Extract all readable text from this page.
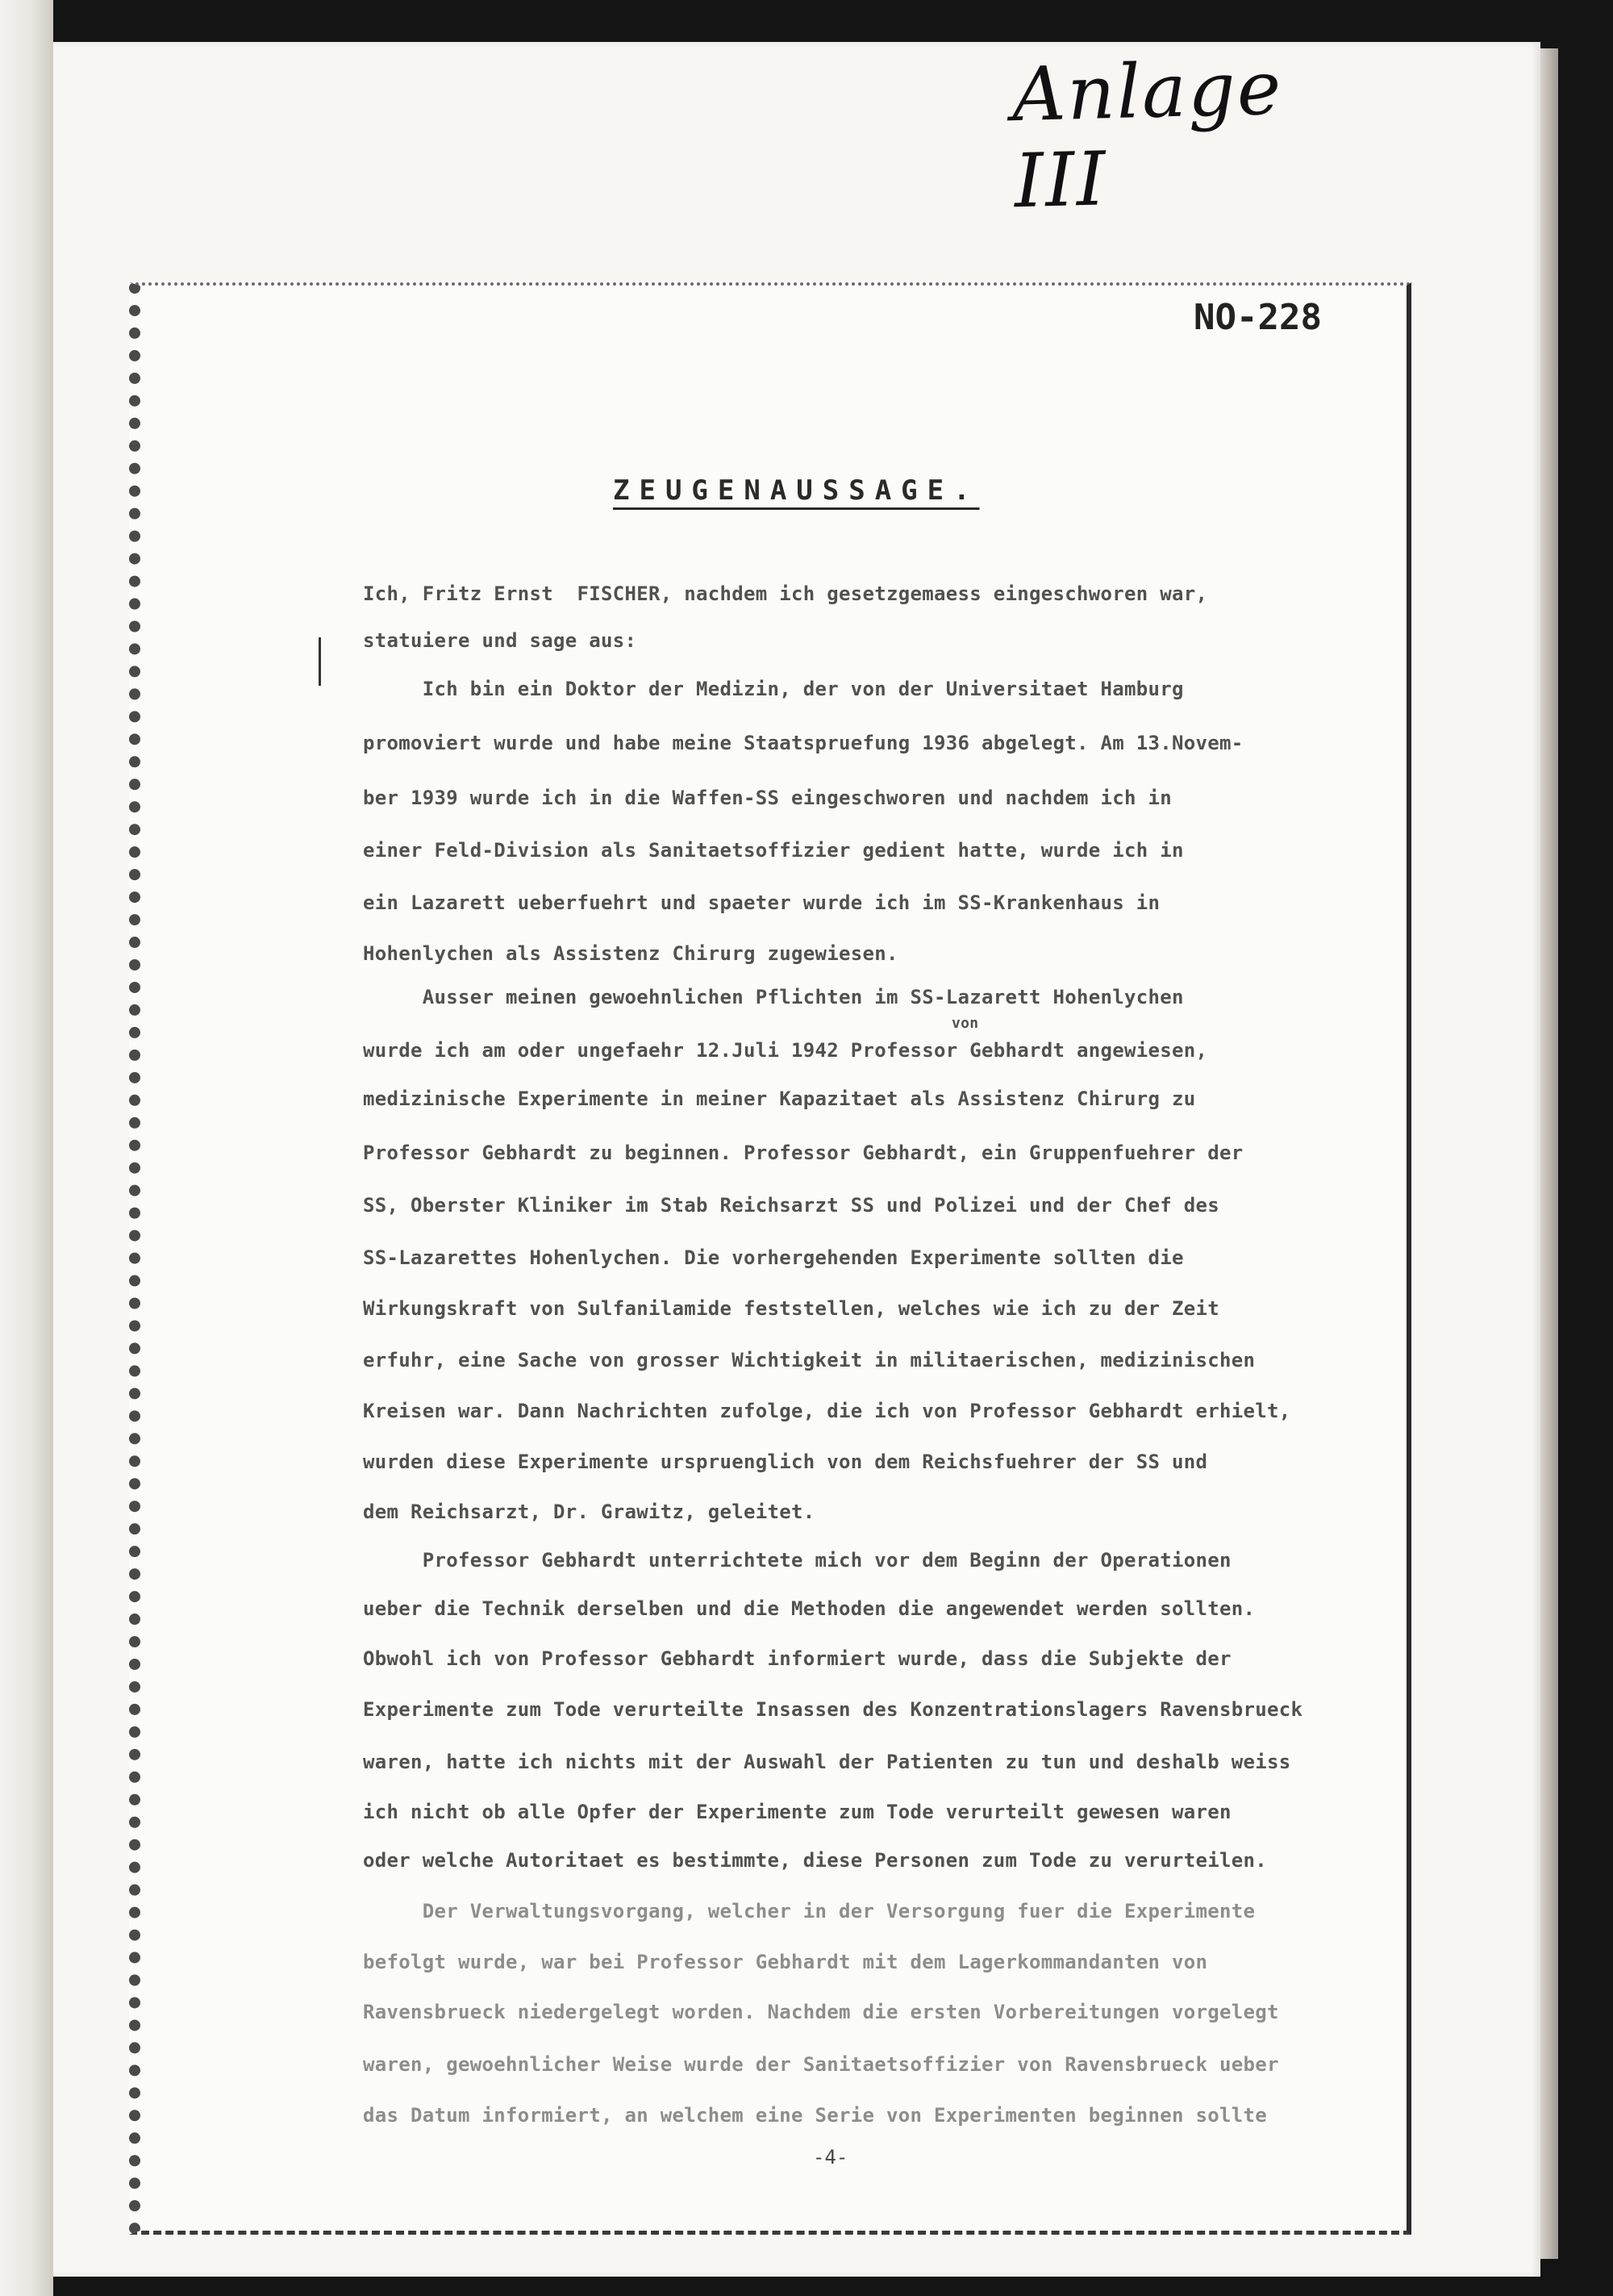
Anlage III
NO-228
ZEUGENAUSSAGE.
Ich, Fritz Ernst  FISCHER, nachdem ich gesetzgemaess eingeschworen war,
statuiere und sage aus:
Ich bin ein Doktor der Medizin, der von der Universitaet Hamburg
promoviert wurde und habe meine Staatspruefung 1936 abgelegt. Am 13.Novem-
ber 1939 wurde ich in die Waffen-SS eingeschworen und nachdem ich in
einer Feld-Division als Sanitaetsoffizier gedient hatte, wurde ich in
ein Lazarett ueberfuehrt und spaeter wurde ich im SS-Krankenhaus in
Hohenlychen als Assistenz Chirurg zugewiesen.
Ausser meinen gewoehnlichen Pflichten im SS-Lazarett Hohenlychen
von
wurde ich am oder ungefaehr 12.Juli 1942 Professor Gebhardt angewiesen,
medizinische Experimente in meiner Kapazitaet als Assistenz Chirurg zu
Professor Gebhardt zu beginnen. Professor Gebhardt, ein Gruppenfuehrer der
SS, Oberster Kliniker im Stab Reichsarzt SS und Polizei und der Chef des
SS-Lazarettes Hohenlychen. Die vorhergehenden Experimente sollten die
Wirkungskraft von Sulfanilamide feststellen, welches wie ich zu der Zeit
erfuhr, eine Sache von grosser Wichtigkeit in militaerischen, medizinischen
Kreisen war. Dann Nachrichten zufolge, die ich von Professor Gebhardt erhielt,
wurden diese Experimente urspruenglich von dem Reichsfuehrer der SS und
dem Reichsarzt, Dr. Grawitz, geleitet.
Professor Gebhardt unterrichtete mich vor dem Beginn der Operationen
ueber die Technik derselben und die Methoden die angewendet werden sollten.
Obwohl ich von Professor Gebhardt informiert wurde, dass die Subjekte der
Experimente zum Tode verurteilte Insassen des Konzentrationslagers Ravensbrueck
waren, hatte ich nichts mit der Auswahl der Patienten zu tun und deshalb weiss
ich nicht ob alle Opfer der Experimente zum Tode verurteilt gewesen waren
oder welche Autoritaet es bestimmte, diese Personen zum Tode zu verurteilen.
Der Verwaltungsvorgang, welcher in der Versorgung fuer die Experimente
befolgt wurde, war bei Professor Gebhardt mit dem Lagerkommandanten von
Ravensbrueck niedergelegt worden. Nachdem die ersten Vorbereitungen vorgelegt
waren, gewoehnlicher Weise wurde der Sanitaetsoffizier von Ravensbrueck ueber
das Datum informiert, an welchem eine Serie von Experimenten beginnen sollte
-4-
